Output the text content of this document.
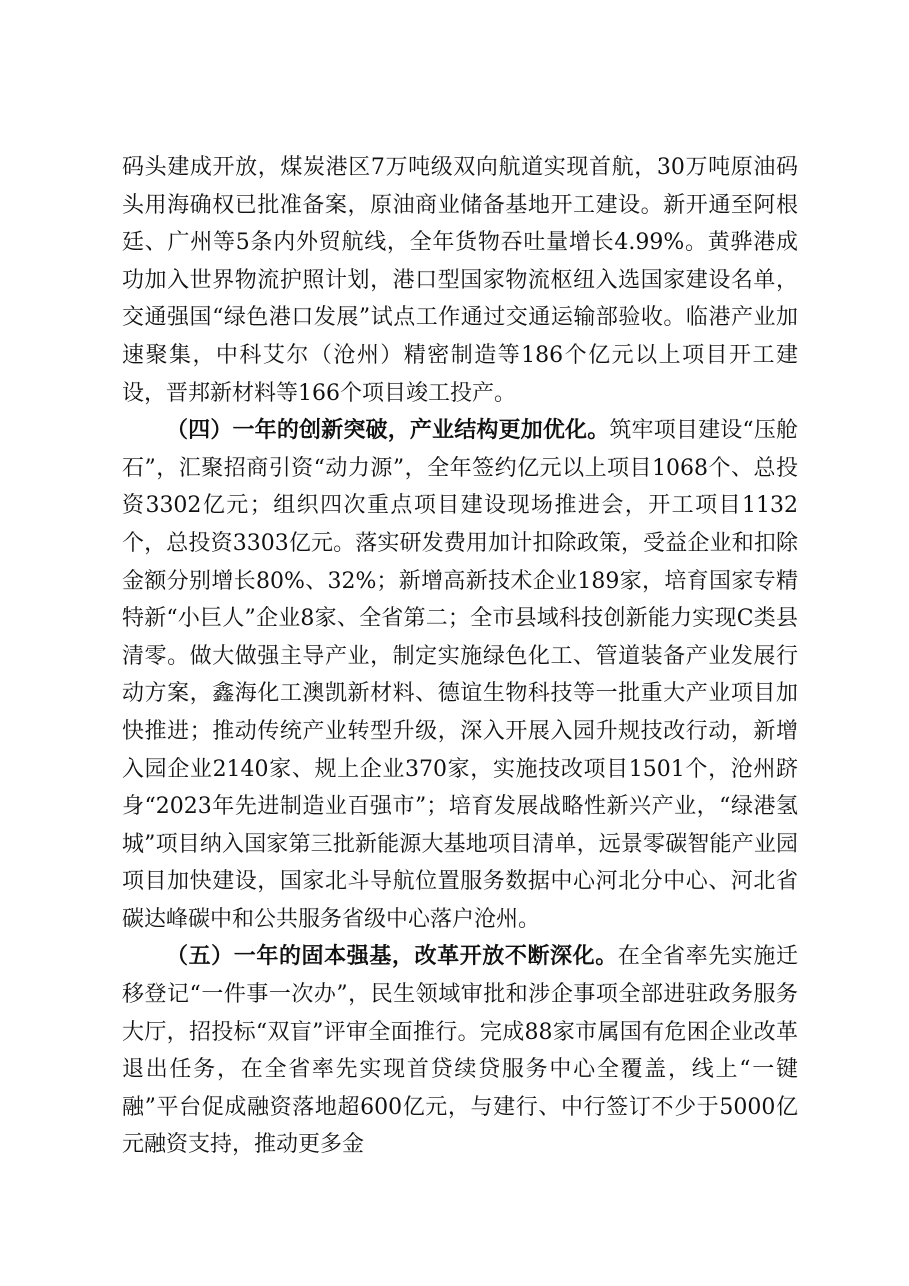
码头建成开放，煤炭港区7万吨级双向航道实现首航，30万吨原油码头用海确权已批准备案，原油商业储备基地开工建设。新开通至阿根廷、广州等5条内外贸航线，全年货物吞吐量增长4.99%。黄骅港成功加入世界物流护照计划，港口型国家物流枢纽入选国家建设名单，交通强国“绿色港口发展”试点工作通过交通运输部验收。临港产业加速聚集，中科艾尔（沧州）精密制造等186个亿元以上项目开工建设，晋邦新材料等166个项目竣工投产。

（四）一年的创新突破，产业结构更加优化。筑牢项目建设“压舱石”，汇聚招商引资“动力源”，全年签约亿元以上项目1068个、总投资3302亿元；组织四次重点项目建设现场推进会，开工项目1132个，总投资3303亿元。落实研发费用加计扣除政策，受益企业和扣除金额分别增长80%、32%；新增高新技术企业189家，培育国家专精特新“小巨人”企业8家、全省第二；全市县域科技创新能力实现C类县清零。做大做强主导产业，制定实施绿色化工、管道装备产业发展行动方案，鑫海化工澳凯新材料、德谊生物科技等一批重大产业项目加快推进；推动传统产业转型升级，深入开展入园升规技改行动，新增入园企业2140家、规上企业370家，实施技改项目1501个，沧州跻身“2023年先进制造业百强市”；培育发展战略性新兴产业，“绿港氢城”项目纳入国家第三批新能源大基地项目清单，远景零碳智能产业园项目加快建设，国家北斗导航位置服务数据中心河北分中心、河北省碳达峰碳中和公共服务省级中心落户沧州。

（五）一年的固本强基，改革开放不断深化。在全省率先实施迁移登记“一件事一次办”，民生领域审批和涉企事项全部进驻政务服务大厅，招投标“双盲”评审全面推行。完成88家市属国有危困企业改革退出任务，在全省率先实现首贷续贷服务中心全覆盖，线上“一键融”平台促成融资落地超600亿元，与建行、中行签订不少于5000亿元融资支持，推动更多金
